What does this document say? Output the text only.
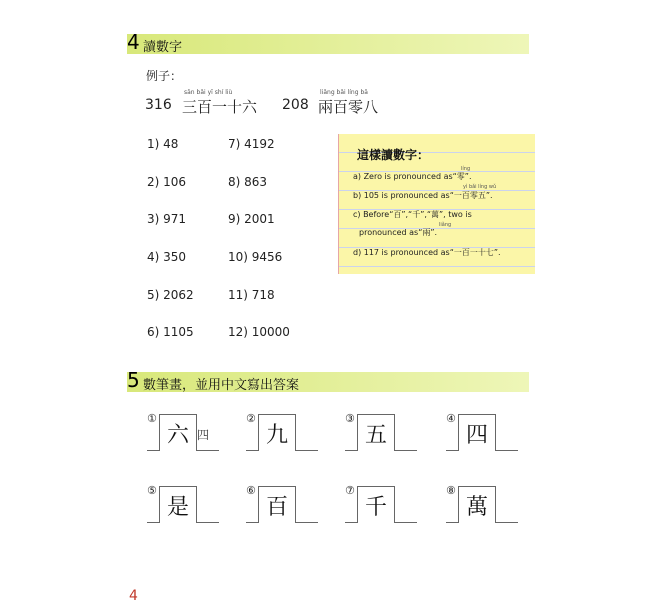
4 讀數字
例子：
316
sān bǎi yī shí liù
三百一十六 208
liǎng bǎi líng bā
兩百零八
1) 48
2) 106
3) 971
4) 350
5) 2062
6) 1105
7) 4192
8) 863
9) 2001
10) 9456
11) 718
12) 10000
這樣讀數字：
líng
a) Zero is pronounced as“零”.
yì bǎi líng wǔ
b) 105 is pronounced as“一百零五”.
c) Before“百”,“千”,“萬”, two is
liǎng
pronounced as“兩”.
d) 117 is pronounced as“一百一十七”.
5 數筆畫，並用中文寫出答案
①
六 四
②
九
③
五
④
四
⑤
是
⑥
百
⑦
千
⑧
萬
4
